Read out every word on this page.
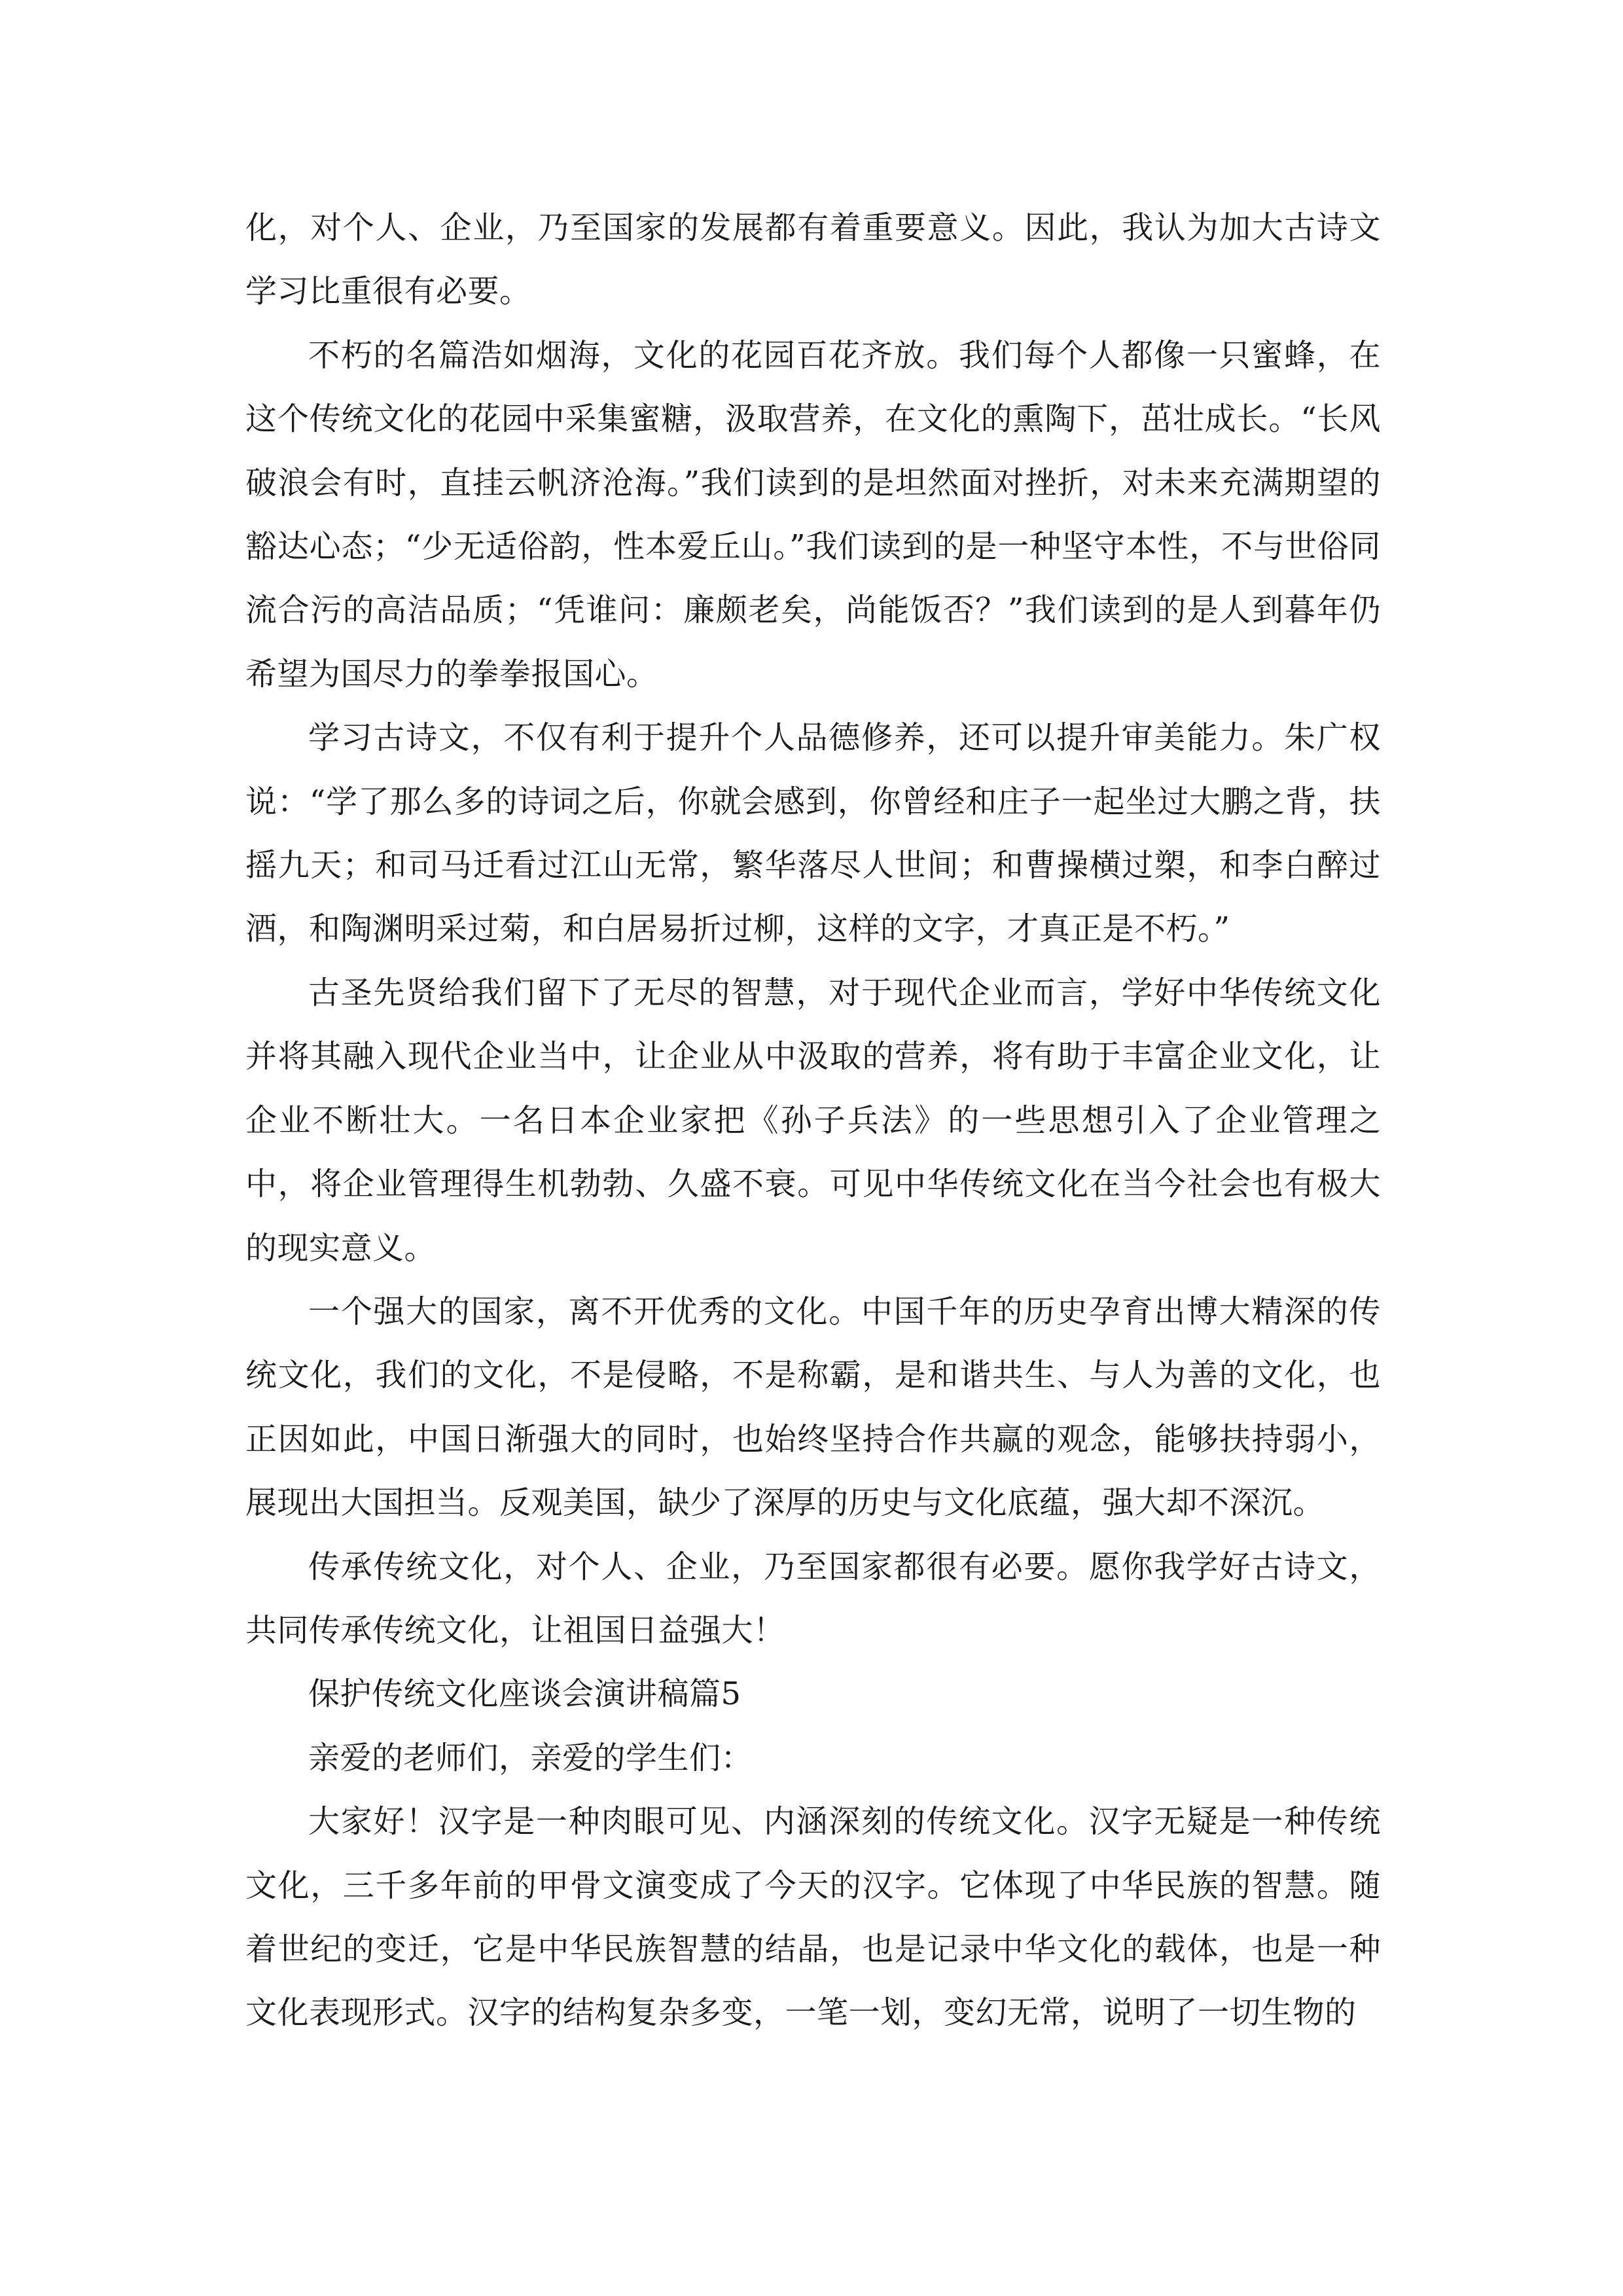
化，对个人、企业，乃至国家的发展都有着重要意义。因此，我认为加大古诗文学习比重很有必要。

不朽的名篇浩如烟海，文化的花园百花齐放。我们每个人都像一只蜜蜂，在这个传统文化的花园中采集蜜糖，汲取营养，在文化的熏陶下，茁壮成长。“长风破浪会有时，直挂云帆济沧海。”我们读到的是坦然面对挫折，对未来充满期望的豁达心态；“少无适俗韵，性本爱丘山。”我们读到的是一种坚守本性，不与世俗同流合污的高洁品质；“凭谁问：廉颇老矣，尚能饭否？”我们读到的是人到暮年仍希望为国尽力的拳拳报国心。

学习古诗文，不仅有利于提升个人品德修养，还可以提升审美能力。朱广权说：“学了那么多的诗词之后，你就会感到，你曾经和庄子一起坐过大鹏之背，扶摇九天；和司马迁看过江山无常，繁华落尽人世间；和曹操横过槊，和李白醉过酒，和陶渊明采过菊，和白居易折过柳，这样的文字，才真正是不朽。”

古圣先贤给我们留下了无尽的智慧，对于现代企业而言，学好中华传统文化并将其融入现代企业当中，让企业从中汲取的营养，将有助于丰富企业文化，让企业不断壮大。一名日本企业家把《孙子兵法》的一些思想引入了企业管理之中，将企业管理得生机勃勃、久盛不衰。可见中华传统文化在当今社会也有极大的现实意义。

一个强大的国家，离不开优秀的文化。中国千年的历史孕育出博大精深的传统文化，我们的文化，不是侵略，不是称霸，是和谐共生、与人为善的文化，也正因如此，中国日渐强大的同时，也始终坚持合作共赢的观念，能够扶持弱小，展现出大国担当。反观美国，缺少了深厚的历史与文化底蕴，强大却不深沉。

传承传统文化，对个人、企业，乃至国家都很有必要。愿你我学好古诗文，共同传承传统文化，让祖国日益强大！

保护传统文化座谈会演讲稿篇5

亲爱的老师们，亲爱的学生们：

大家好！汉字是一种肉眼可见、内涵深刻的传统文化。汉字无疑是一种传统文化，三千多年前的甲骨文演变成了今天的汉字。它体现了中华民族的智慧。随着世纪的变迁，它是中华民族智慧的结晶，也是记录中华文化的载体，也是一种文化表现形式。汉字的结构复杂多变，一笔一划，变幻无常，说明了一切生物的
